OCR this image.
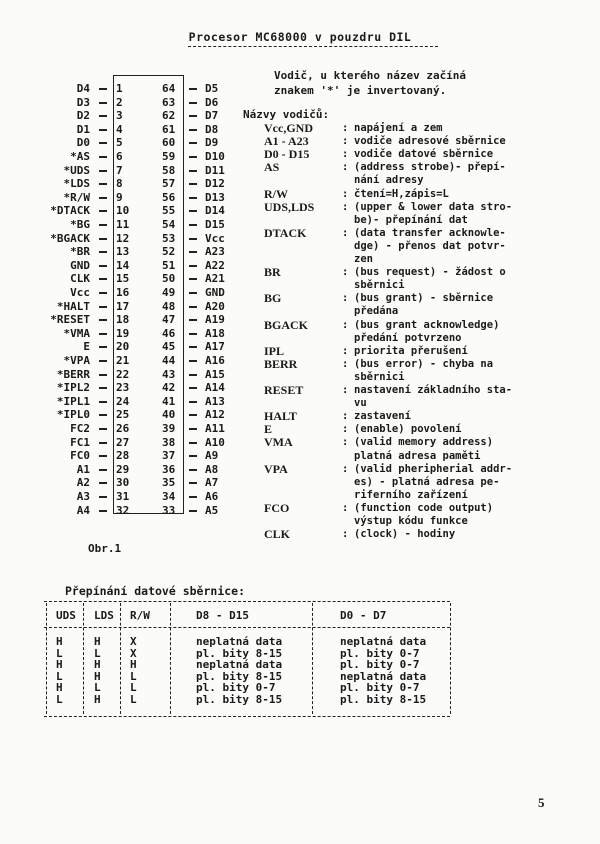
Procesor MC68000 v pouzdru DIL
D4 1	64	D5
D3 2	63	D6
D2 3	62	D7
D1 4	61	D8
D0 5	60	D9
*AS 6	59	D10
*UDS 7	58	D11
*LDS 8	57	D12
*R/W 9	56	D13
*DTACK 10	55	D14
*BG 11	54	D15
*BGACK 12	53	Vcc
*BR 13	52	A23
GND 14	51	A22
CLK 15	50	A21
Vcc 16	49	GND
*HALT 17	48	A20
*RESET 18	47	A19
*VMA 19	46	A18
E 20	45	A17
*VPA 21	44	A16
*BERR 22	43	A15
*IPL2 23	42	A14
*IPL1 24	41	A13
*IPL0 25	40	A12
FC2 26	39	A11
FC1 27	38	A10
FC0 28	37	A9
A1 29	36	A8
A2 30	35	A7
A3 31	34	A6
A4 32	33	A5
Obr.1
Vodič, u kterého název začíná
znakem '*' je invertovaný.
Názvy vodičů:
Vcc,GND	: napájení a zem
A1 - A23	: vodiče adresové sběrnice
D0 - D15	: vodiče datové sběrnice
AS	: (address strobe)- přepí-
nání adresy
R/W	: čtení=H,zápis=L
UDS,LDS	: (upper & lower data stro-
be)- přepínání dat
DTACK	: (data transfer acknowle-
dge) - přenos dat potvr-
zen
BR	: (bus request) - žádost o
sběrnici
BG	: (bus grant) - sběrnice
předána
BGACK	: (bus grant acknowledge)
předání potvrzeno
IPL	: priorita přerušení
BERR	: (bus error) - chyba na
sběrnici
RESET	: nastavení základního sta-
vu
HALT	: zastavení
E	: (enable) povolení
VMA	: (valid memory address)
platná adresa paměti
VPA	: (valid pheripherial addr-
es) - platná adresa pe-
riferního zařízení
FCO	: (function code output)
výstup kódu funkce
CLK	: (clock) - hodiny
Přepínání datové sběrnice:
UDS LDS R/W	D8 - D15	D0 - D7
H	H	X	neplatná data	neplatná data
L	L	X	pl. bity 8-15	pl. bity 0-7
H	H	H	neplatná data	pl. bity 0-7
L	H	L	pl. bity 8-15	neplatná data
H	L	L	pl. bity 0-7	pl. bity 0-7
L	H	L	pl. bity 8-15	pl. bity 8-15
5
